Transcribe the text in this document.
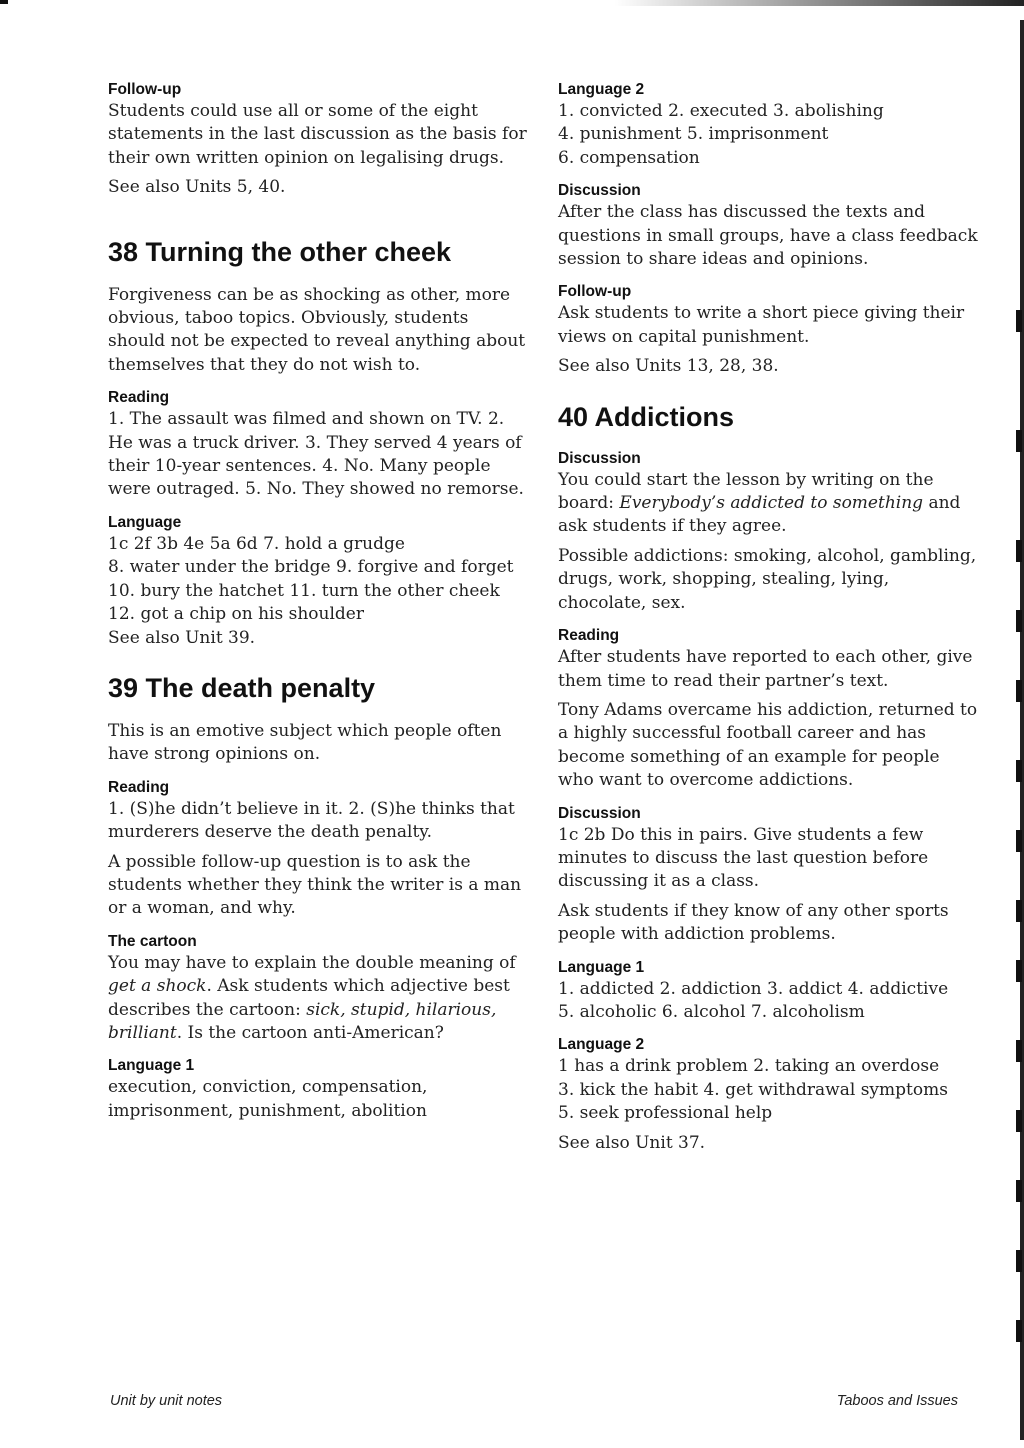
Follow-up

Students could use all or some of the eight statements in the last discussion as the basis for their own written opinion on legalising drugs.

See also Units 5, 40.

38 Turning the other cheek

Forgiveness can be as shocking as other, more obvious, taboo topics. Obviously, students should not be expected to reveal anything about themselves that they do not wish to.

Reading

1. The assault was filmed and shown on TV. 2. He was a truck driver. 3. They served 4 years of their 10-year sentences. 4. No. Many people were outraged. 5. No. They showed no remorse.

Language

1c 2f 3b 4e 5a 6d 7. hold a grudge

8. water under the bridge 9. forgive and forget

10. bury the hatchet 11. turn the other cheek

12. got a chip on his shoulder

See also Unit 39.

39 The death penalty

This is an emotive subject which people often have strong opinions on.

Reading

1. (S)he didn’t believe in it. 2. (S)he thinks that murderers deserve the death penalty.

A possible follow-up question is to ask the students whether they think the writer is a man or a woman, and why.

The cartoon

You may have to explain the double meaning of get a shock. Ask students which adjective best describes the cartoon: sick, stupid, hilarious, brilliant. Is the cartoon anti-American?

Language 1

execution, conviction, compensation, imprisonment, punishment, abolition

Language 2

1. convicted 2. executed 3. abolishing

4. punishment 5. imprisonment

6. compensation

Discussion

After the class has discussed the texts and questions in small groups, have a class feedback session to share ideas and opinions.

Follow-up

Ask students to write a short piece giving their views on capital punishment.

See also Units 13, 28, 38.

40 Addictions
Discussion

You could start the lesson by writing on the board: Everybody’s addicted to something and ask students if they agree.

Possible addictions: smoking, alcohol, gambling, drugs, work, shopping, stealing, lying, chocolate, sex.

Reading

After students have reported to each other, give them time to read their partner’s text.

Tony Adams overcame his addiction, returned to a highly successful football career and has become something of an example for people who want to overcome addictions.

Discussion

1c 2b Do this in pairs. Give students a few minutes to discuss the last question before discussing it as a class.

Ask students if they know of any other sports people with addiction problems.

Language 1

1. addicted 2. addiction 3. addict 4. addictive

5. alcoholic 6. alcohol 7. alcoholism

Language 2

1 has a drink problem 2. taking an overdose

3. kick the habit 4. get withdrawal symptoms

5. seek professional help

See also Unit 37.

Unit by unit notes	Taboos and Issues
